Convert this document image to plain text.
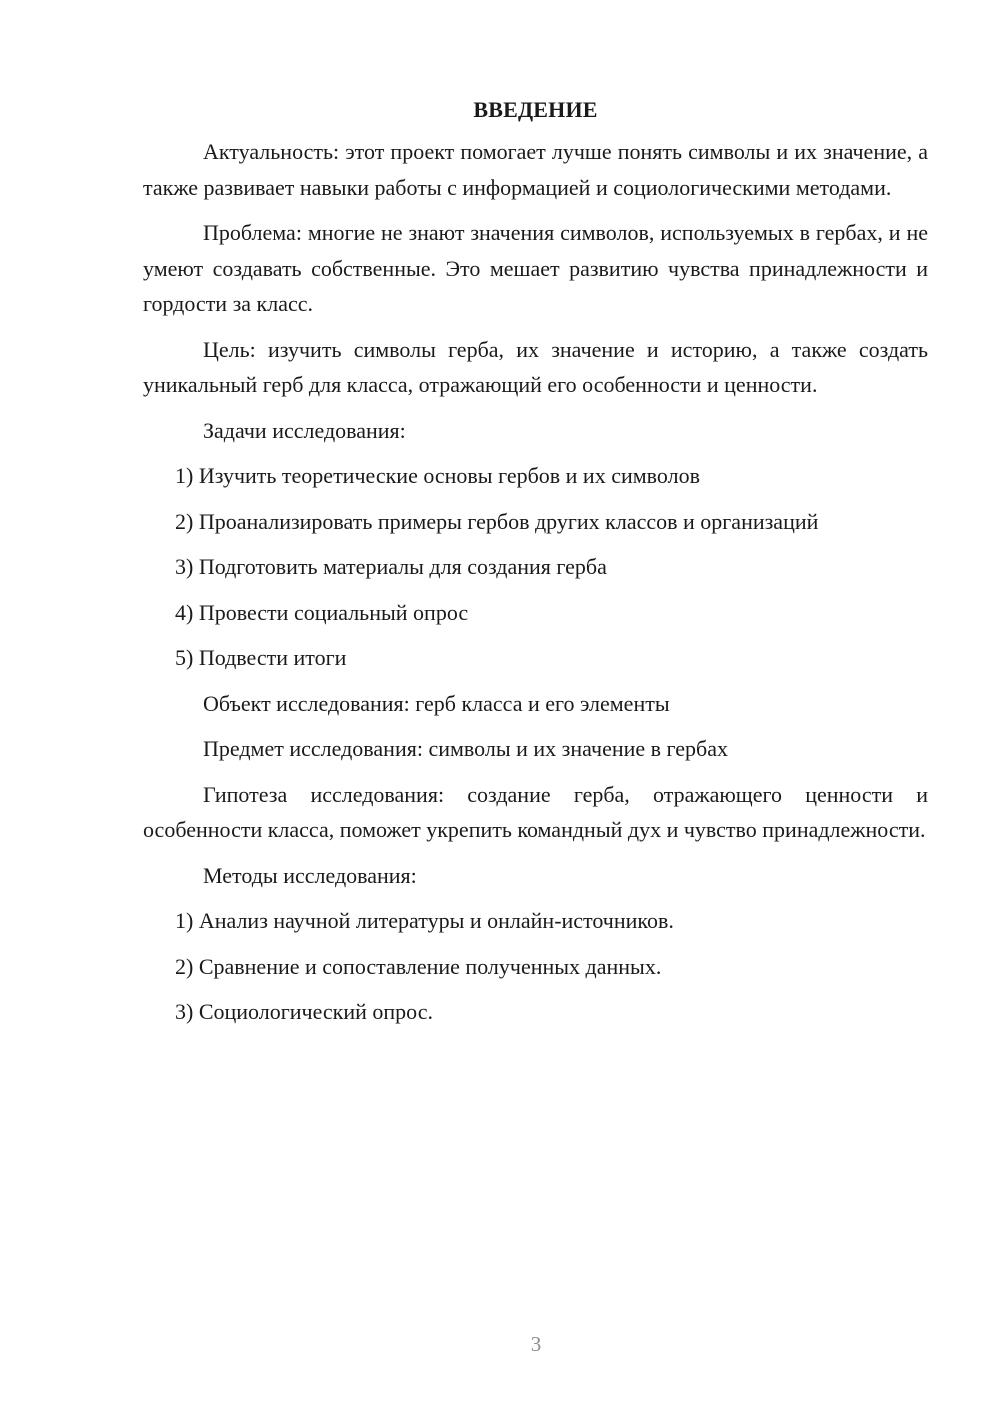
ВВЕДЕНИЕ

Актуальность: этот проект помогает лучше понять символы и их значение, а также развивает навыки работы с информацией и социологическими методами.

Проблема: многие не знают значения символов, используемых в гербах, и не умеют создавать собственные. Это мешает развитию чувства принадлежности и гордости за класс.

Цель: изучить символы герба, их значение и историю, а также создать уникальный герб для класса, отражающий его особенности и ценности.

Задачи исследования:
1) Изучить теоретические основы гербов и их символов
2) Проанализировать примеры гербов других классов и организаций
3) Подготовить материалы для создания герба
4) Провести социальный опрос
5) Подвести итоги
Объект исследования: герб класса и его элементы
Предмет исследования: символы и их значение в гербах

Гипотеза исследования: создание герба, отражающего ценности и особенности класса, поможет укрепить командный дух и чувство принадлежности.

Методы исследования:
1) Анализ научной литературы и онлайн-источников.
2) Сравнение и сопоставление полученных данных.
3) Социологический опрос.
3
